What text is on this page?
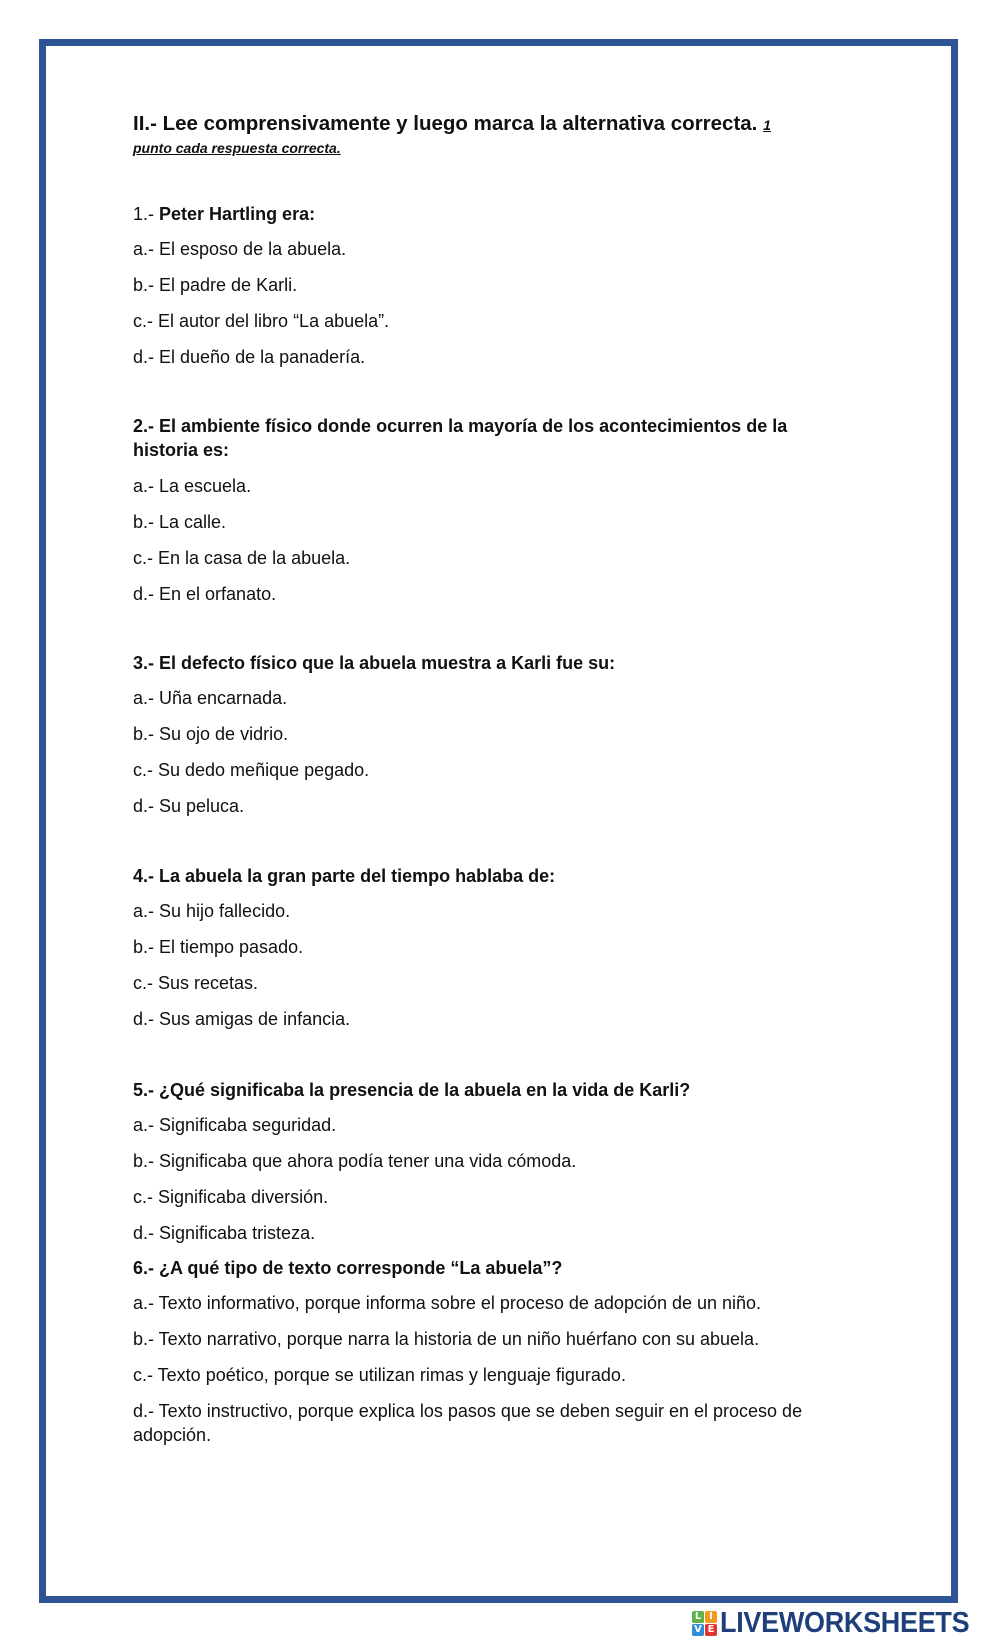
II.- Lee comprensivamente y luego marca la alternativa correcta. 1

punto cada respuesta correcta.

1.- Peter Hartling era:

a.- El esposo de la abuela.

b.- El padre de Karli.

c.- El autor del libro “La abuela”.

d.- El dueño de la panadería.

2.- El ambiente físico donde ocurren la mayoría de los acontecimientos de la historia es:

a.- La escuela.

b.- La calle.

c.- En la casa de la abuela.

d.- En el orfanato.

3.- El defecto físico que la abuela muestra a Karli fue su:

a.- Uña encarnada.

b.- Su ojo de vidrio.

c.- Su dedo meñique pegado.

d.- Su peluca.

4.- La abuela la gran parte del tiempo hablaba de:

a.- Su hijo fallecido.

b.- El tiempo pasado.

c.- Sus recetas.

d.- Sus amigas de infancia.

5.- ¿Qué significaba la presencia de la abuela en la vida de Karli?

a.- Significaba seguridad.

b.- Significaba que ahora podía tener una vida cómoda.

c.- Significaba diversión.

d.- Significaba tristeza.

6.- ¿A qué tipo de texto corresponde “La abuela”?

a.- Texto informativo, porque informa sobre el proceso de adopción de un niño.

b.- Texto narrativo, porque narra la historia de un niño huérfano con su abuela.

c.- Texto poético, porque se utilizan rimas y lenguaje figurado.

d.- Texto instructivo, porque explica los pasos que se deben seguir en el proceso de adopción.

L I
V E LIVEWORKSHEETS
